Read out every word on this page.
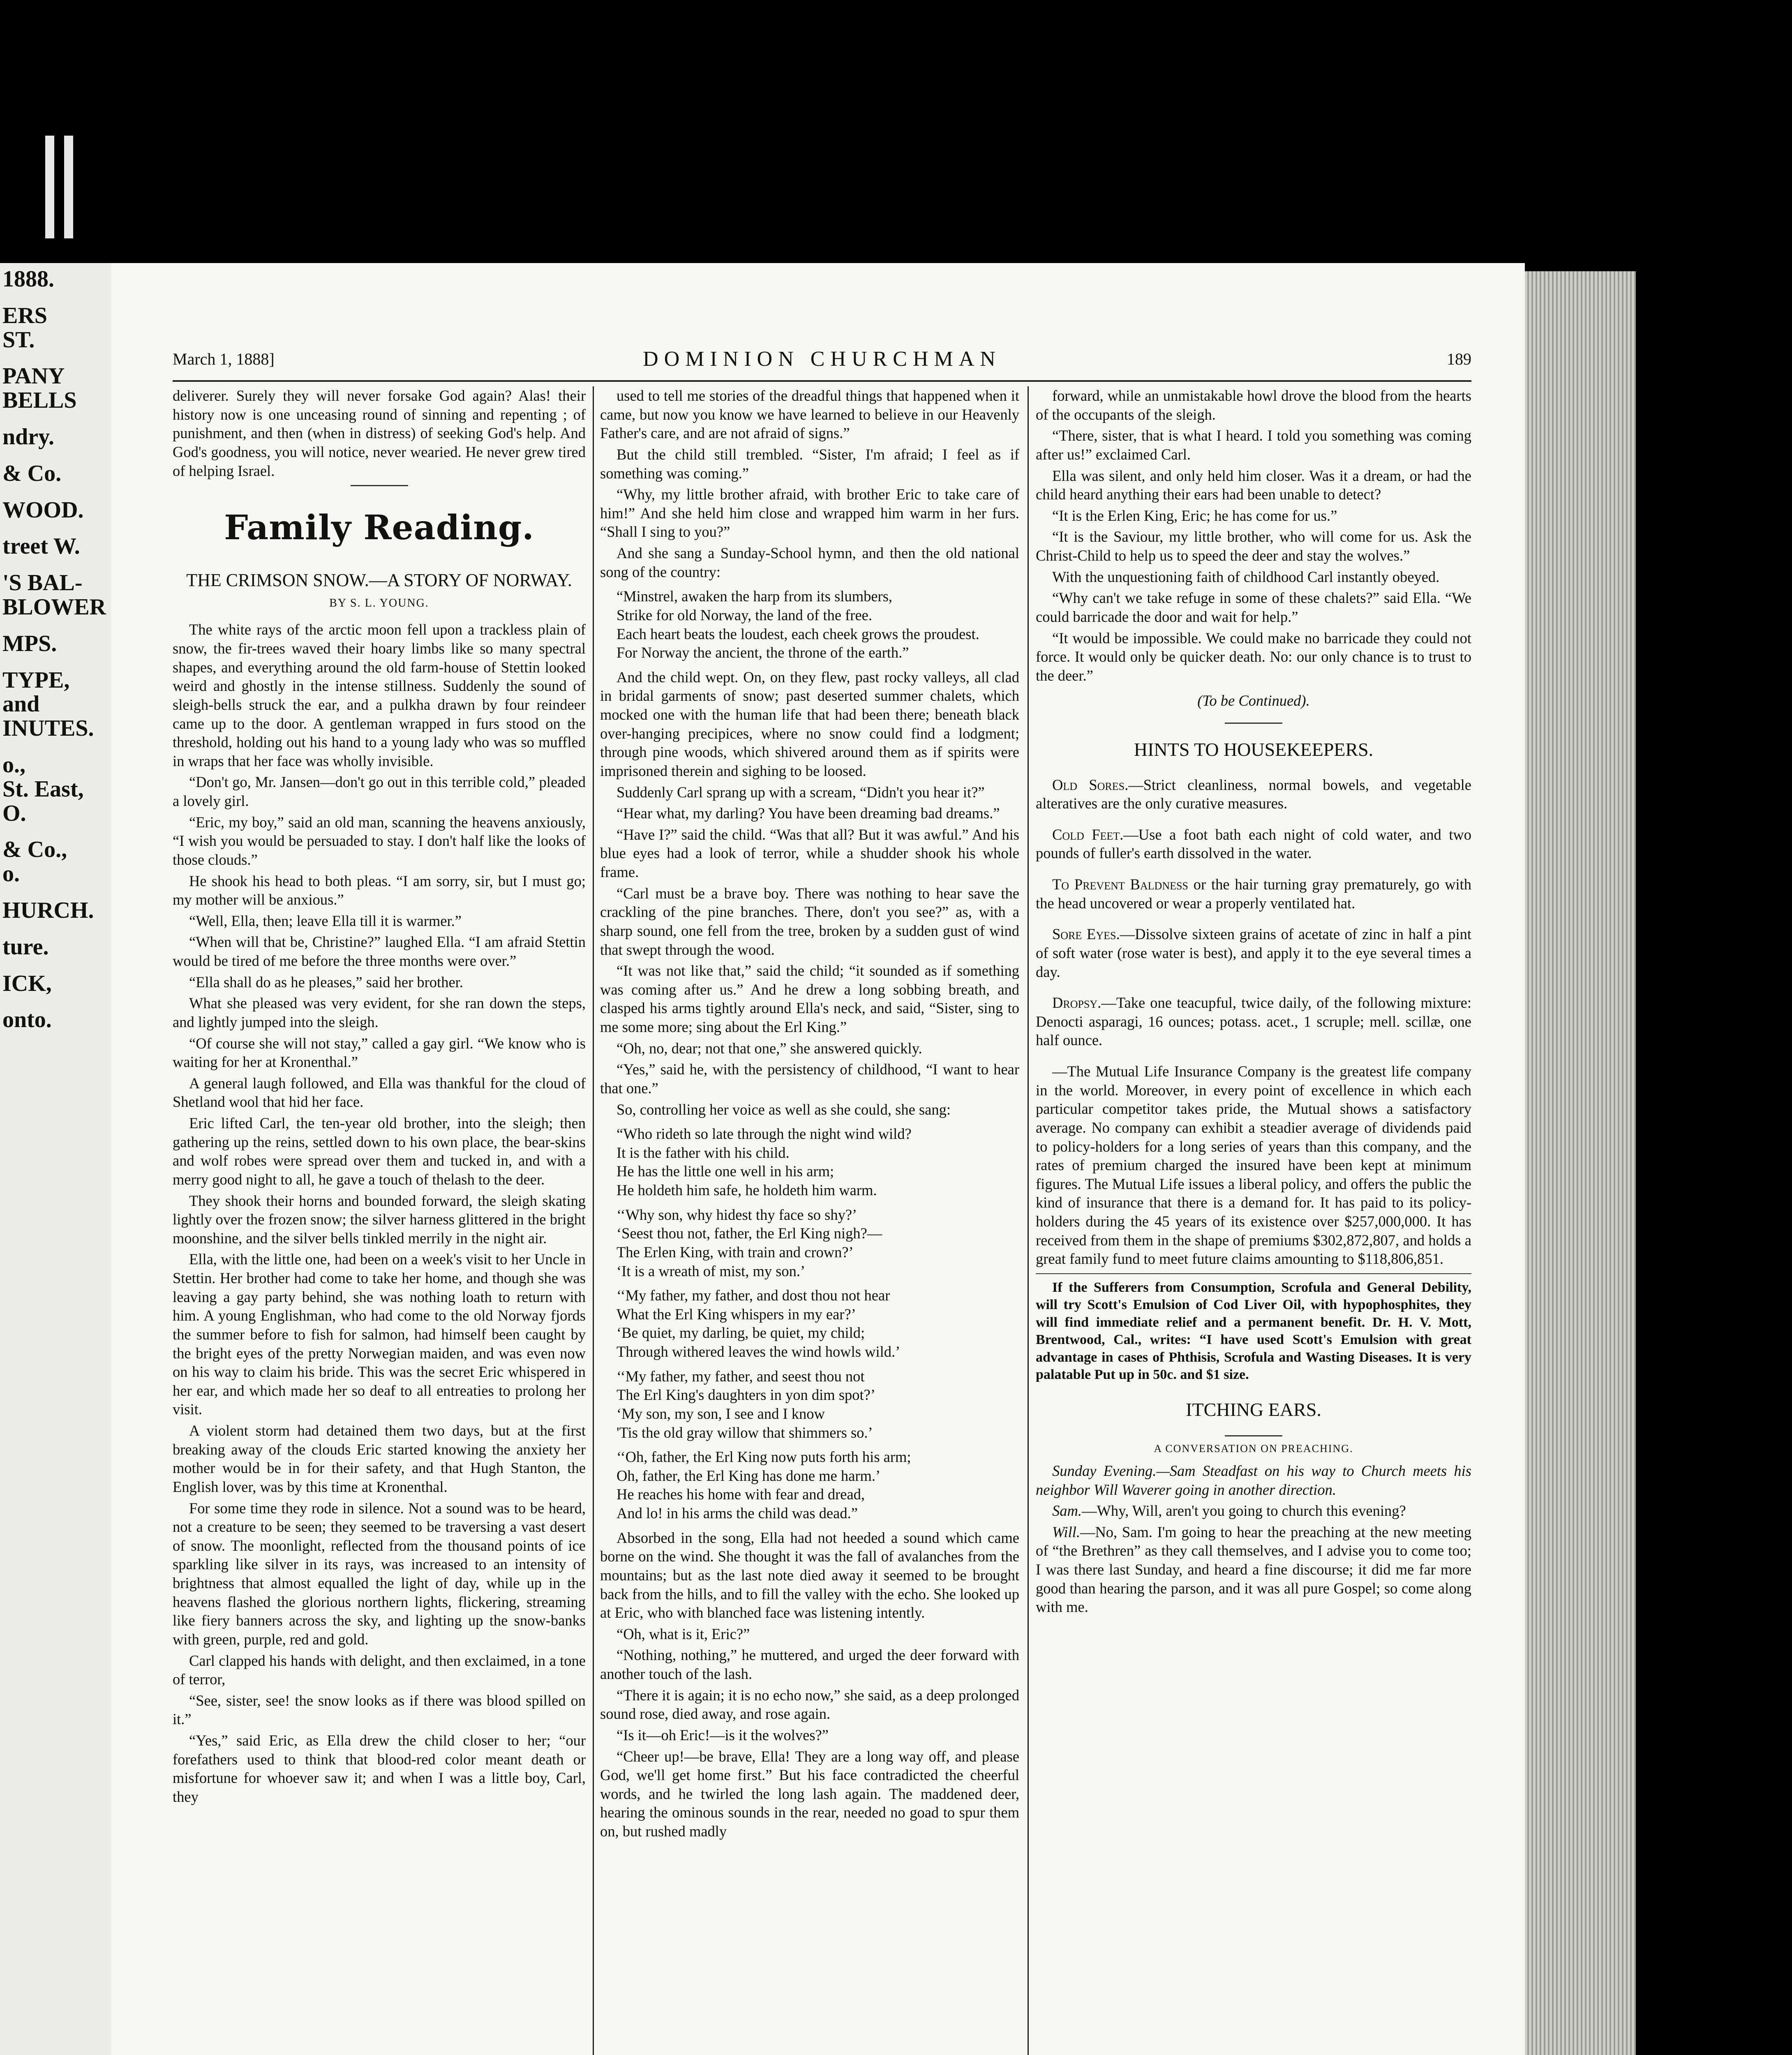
1888.
ERS
ST.
PANY
BELLS
ndry.
& Co.
WOOD.
treet W.
'S BAL-
BLOWER
MPS.
TYPE, and
INUTES.
o.,
St. East,
O.
& Co.,
o.
HURCH.
ture.
ICK,
onto.
March 1, 1888]	DOMINION CHURCHMAN	189

deliverer. Surely they will never forsake God again? Alas! their history now is one unceasing round of sinning and repenting ; of punishment, and then (when in distress) of seeking God's help. And God's goodness, you will notice, never wearied. He never grew tired of helping Israel.

Family Reading.
THE CRIMSON SNOW.—A STORY OF NORWAY.
BY S. L. YOUNG.

The white rays of the arctic moon fell upon a trackless plain of snow, the fir-trees waved their hoary limbs like so many spectral shapes, and everything around the old farm-house of Stettin looked weird and ghostly in the intense stillness. Suddenly the sound of sleigh-bells struck the ear, and a pulkha drawn by four reindeer came up to the door. A gentleman wrapped in furs stood on the threshold, holding out his hand to a young lady who was so muffled in wraps that her face was wholly invisible.

“Don't go, Mr. Jansen—don't go out in this terrible cold,” pleaded a lovely girl.

“Eric, my boy,” said an old man, scanning the heavens anxiously, “I wish you would be persuaded to stay. I don't half like the looks of those clouds.”

He shook his head to both pleas. “I am sorry, sir, but I must go; my mother will be anxious.”

“Well, Ella, then; leave Ella till it is warmer.”

“When will that be, Christine?” laughed Ella. “I am afraid Stettin would be tired of me before the three months were over.”

“Ella shall do as he pleases,” said her brother.

What she pleased was very evident, for she ran down the steps, and lightly jumped into the sleigh.

“Of course she will not stay,” called a gay girl. “We know who is waiting for her at Kronenthal.”

A general laugh followed, and Ella was thankful for the cloud of Shetland wool that hid her face.

Eric lifted Carl, the ten-year old brother, into the sleigh; then gathering up the reins, settled down to his own place, the bear-skins and wolf robes were spread over them and tucked in, and with a merry good night to all, he gave a touch of thelash to the deer.

They shook their horns and bounded forward, the sleigh skating lightly over the frozen snow; the silver harness glittered in the bright moonshine, and the silver bells tinkled merrily in the night air.

Ella, with the little one, had been on a week's visit to her Uncle in Stettin. Her brother had come to take her home, and though she was leaving a gay party behind, she was nothing loath to return with him. A young Englishman, who had come to the old Norway fjords the summer before to fish for salmon, had himself been caught by the bright eyes of the pretty Norwegian maiden, and was even now on his way to claim his bride. This was the secret Eric whispered in her ear, and which made her so deaf to all entreaties to prolong her visit.

A violent storm had detained them two days, but at the first breaking away of the clouds Eric started knowing the anxiety her mother would be in for their safety, and that Hugh Stanton, the English lover, was by this time at Kronenthal.

For some time they rode in silence. Not a sound was to be heard, not a creature to be seen; they seemed to be traversing a vast desert of snow. The moonlight, reflected from the thousand points of ice sparkling like silver in its rays, was increased to an intensity of brightness that almost equalled the light of day, while up in the heavens flashed the glorious northern lights, flickering, streaming like fiery banners across the sky, and lighting up the snow-banks with green, purple, red and gold.

Carl clapped his hands with delight, and then exclaimed, in a tone of terror,

“See, sister, see! the snow looks as if there was blood spilled on it.”

“Yes,” said Eric, as Ella drew the child closer to her; “our forefathers used to think that blood-red color meant death or misfortune for whoever saw it; and when I was a little boy, Carl, they

used to tell me stories of the dreadful things that happened when it came, but now you know we have learned to believe in our Heavenly Father's care, and are not afraid of signs.”

But the child still trembled. “Sister, I'm afraid; I feel as if something was coming.”

“Why, my little brother afraid, with brother Eric to take care of him!” And she held him close and wrapped him warm in her furs. “Shall I sing to you?”

And she sang a Sunday-School hymn, and then the old national song of the country:

“Minstrel, awaken the harp from its slumbers,
Strike for old Norway, the land of the free.
Each heart beats the loudest, each cheek grows the proudest.
For Norway the ancient, the throne of the earth.”

And the child wept. On, on they flew, past rocky valleys, all clad in bridal garments of snow; past deserted summer chalets, which mocked one with the human life that had been there; beneath black over-hanging precipices, where no snow could find a lodgment; through pine woods, which shivered around them as if spirits were imprisoned therein and sighing to be loosed.

Suddenly Carl sprang up with a scream, “Didn't you hear it?”

“Hear what, my darling? You have been dreaming bad dreams.”

“Have I?” said the child. “Was that all? But it was awful.” And his blue eyes had a look of terror, while a shudder shook his whole frame.

“Carl must be a brave boy. There was nothing to hear save the crackling of the pine branches. There, don't you see?” as, with a sharp sound, one fell from the tree, broken by a sudden gust of wind that swept through the wood.

“It was not like that,” said the child; “it sounded as if something was coming after us.” And he drew a long sobbing breath, and clasped his arms tightly around Ella's neck, and said, “Sister, sing to me some more; sing about the Erl King.”

“Oh, no, dear; not that one,” she answered quickly.

“Yes,” said he, with the persistency of childhood, “I want to hear that one.”

So, controlling her voice as well as she could, she sang:

“Who rideth so late through the night wind wild?
It is the father with his child.
He has the little one well in his arm;
He holdeth him safe, he holdeth him warm.
‘‘Why son, why hidest thy face so shy?’
‘Seest thou not, father, the Erl King nigh?—
The Erlen King, with train and crown?’
‘It is a wreath of mist, my son.’
‘‘My father, my father, and dost thou not hear
What the Erl King whispers in my ear?’
‘Be quiet, my darling, be quiet, my child;
Through withered leaves the wind howls wild.’
‘‘My father, my father, and seest thou not
The Erl King's daughters in yon dim spot?’
‘My son, my son, I see and I know
'Tis the old gray willow that shimmers so.’
‘‘Oh, father, the Erl King now puts forth his arm;
Oh, father, the Erl King has done me harm.’
He reaches his home with fear and dread,
And lo! in his arms the child was dead.”

Absorbed in the song, Ella had not heeded a sound which came borne on the wind. She thought it was the fall of avalanches from the mountains; but as the last note died away it seemed to be brought back from the hills, and to fill the valley with the echo. She looked up at Eric, who with blanched face was listening intently.

“Oh, what is it, Eric?”

“Nothing, nothing,” he muttered, and urged the deer forward with another touch of the lash.

“There it is again; it is no echo now,” she said, as a deep prolonged sound rose, died away, and rose again.

“Is it—oh Eric!—is it the wolves?”

“Cheer up!—be brave, Ella! They are a long way off, and please God, we'll get home first.” But his face contradicted the cheerful words, and he twirled the long lash again. The maddened deer, hearing the ominous sounds in the rear, needed no goad to spur them on, but rushed madly

forward, while an unmistakable howl drove the blood from the hearts of the occupants of the sleigh.

“There, sister, that is what I heard. I told you something was coming after us!” exclaimed Carl.

Ella was silent, and only held him closer. Was it a dream, or had the child heard anything their ears had been unable to detect?

“It is the Erlen King, Eric; he has come for us.”

“It is the Saviour, my little brother, who will come for us. Ask the Christ-Child to help us to speed the deer and stay the wolves.”

With the unquestioning faith of childhood Carl instantly obeyed.

“Why can't we take refuge in some of these chalets?” said Ella. “We could barricade the door and wait for help.”

“It would be impossible. We could make no barricade they could not force. It would only be quicker death. No: our only chance is to trust to the deer.”

(To be Continued).
HINTS TO HOUSEKEEPERS.

Old Sores.—Strict cleanliness, normal bowels, and vegetable alteratives are the only curative measures.

Cold Feet.—Use a foot bath each night of cold water, and two pounds of fuller's earth dissolved in the water.

To Prevent Baldness or the hair turning gray prematurely, go with the head uncovered or wear a properly ventilated hat.

Sore Eyes.—Dissolve sixteen grains of acetate of zinc in half a pint of soft water (rose water is best), and apply it to the eye several times a day.

Dropsy.—Take one teacupful, twice daily, of the following mixture: Denocti asparagi, 16 ounces; potass. acet., 1 scruple; mell. scillæ, one half ounce.

—The Mutual Life Insurance Company is the greatest life company in the world. Moreover, in every point of excellence in which each particular competitor takes pride, the Mutual shows a satisfactory average. No company can exhibit a steadier average of dividends paid to policy-holders for a long series of years than this company, and the rates of premium charged the insured have been kept at minimum figures. The Mutual Life issues a liberal policy, and offers the public the kind of insurance that there is a demand for. It has paid to its policy-holders during the 45 years of its existence over $257,000,000. It has received from them in the shape of premiums $302,872,807, and holds a great family fund to meet future claims amounting to $118,806,851.

If the Sufferers from Consumption, Scrofula and General Debility, will try Scott's Emulsion of Cod Liver Oil, with hypophosphites, they will find immediate relief and a permanent benefit. Dr. H. V. Mott, Brentwood, Cal., writes: “I have used Scott's Emulsion with great advantage in cases of Phthisis, Scrofula and Wasting Diseases. It is very palatable Put up in 50c. and $1 size.

ITCHING EARS.
A CONVERSATION ON PREACHING.

Sunday Evening.—Sam Steadfast on his way to Church meets his neighbor Will Waverer going in another direction.

Sam.—Why, Will, aren't you going to church this evening?

Will.—No, Sam. I'm going to hear the preaching at the new meeting of “the Brethren” as they call themselves, and I advise you to come too; I was there last Sunday, and heard a fine discourse; it did me far more good than hearing the parson, and it was all pure Gospel; so come along with me.
